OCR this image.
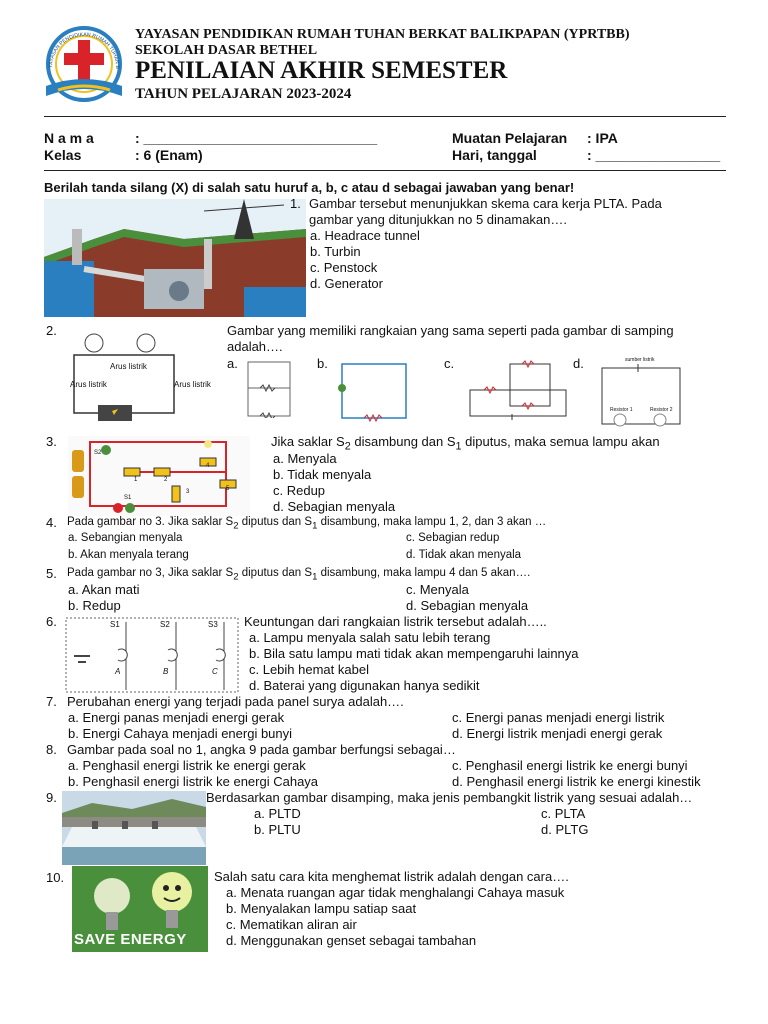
YAYASAN PENDIDIKAN RUMAH TUHAN B
YAYASAN PENDIDIKAN RUMAH TUHAN BERKAT BALIKPAPAN (YPRTBB)
SEKOLAH DASAR BETHEL
PENILAIAN AKHIR SEMESTER
TAHUN PELAJARAN 2023-2024
N a m a	: ______________________________
Kelas	: 6 (Enam)
Muatan Pelajaran : IPA
Hari, tanggal	: ________________
Berilah tanda silang (X) di salah satu huruf a, b, c atau d sebagai jawaban yang benar!
1. Gambar tersebut menunjukkan skema cara kerja PLTA. Pada
gambar yang ditunjukkan no 5 dinamakan….
a. Headrace tunnel
b. Turbin
c. Penstock
d. Generator
2.
Arus listrik
Arus listrik
Arus listrik
Gambar yang memiliki rangkaian yang sama seperti pada gambar di samping
adalah….
a.	b.	c.	d.	sumber listrik
Resistor 1	Resistor 2
3.
S2
S1
1	2
3
4
5
Jika saklar $S_2$ disambung dan $S_1$ diputus, maka semua lampu akan
a. Menyala
b. Tidak menyala
c. Redup
d. Sebagian menyala
4. Pada gambar no 3. Jika saklar $S_2$ diputus dan $S_1$ disambung, maka lampu 1, 2, dan 3 akan …
a. Sebangian menyala	c. Sebagian redup
b. Akan menyala terang	d. Tidak akan menyala
5. Pada gambar no 3, Jika saklar $S_2$ diputus dan $S_1$ disambung, maka lampu 4 dan 5 akan….
a. Akan mati	c. Menyala
b. Redup	d. Sebagian menyala
6.	S1	S2	S3
A	B	C
Keuntungan dari rangkaian listrik tersebut adalah…..
a. Lampu menyala salah satu lebih terang
b. Bila satu lampu mati tidak akan mempengaruhi lainnya
c. Lebih hemat kabel
d. Baterai yang digunakan hanya sedikit
7. Perubahan energi yang terjadi pada panel surya adalah….
a. Energi panas menjadi energi gerak	c. Energi panas menjadi energi listrik
b. Energi Cahaya menjadi energi bunyi	d. Energi listrik menjadi energi gerak
8. Gambar pada soal no 1, angka 9 pada gambar berfungsi sebagai…
a. Penghasil energi listrik ke energi gerak	c. Penghasil energi listrik ke energi bunyi
b. Penghasil energi listrik ke energi Cahaya	d. Penghasil energi listrik ke energi kinestik
9.	Berdasarkan gambar disamping, maka jenis pembangkit listrik yang sesuai adalah…
a. PLTD	c. PLTA
b. PLTU	d. PLTG
10.
SAVE ENERGY
Salah satu cara kita menghemat listrik adalah dengan cara….
a. Menata ruangan agar tidak menghalangi Cahaya masuk
b. Menyalakan lampu satiap saat
c. Mematikan aliran air
d. Menggunakan genset sebagai tambahan
